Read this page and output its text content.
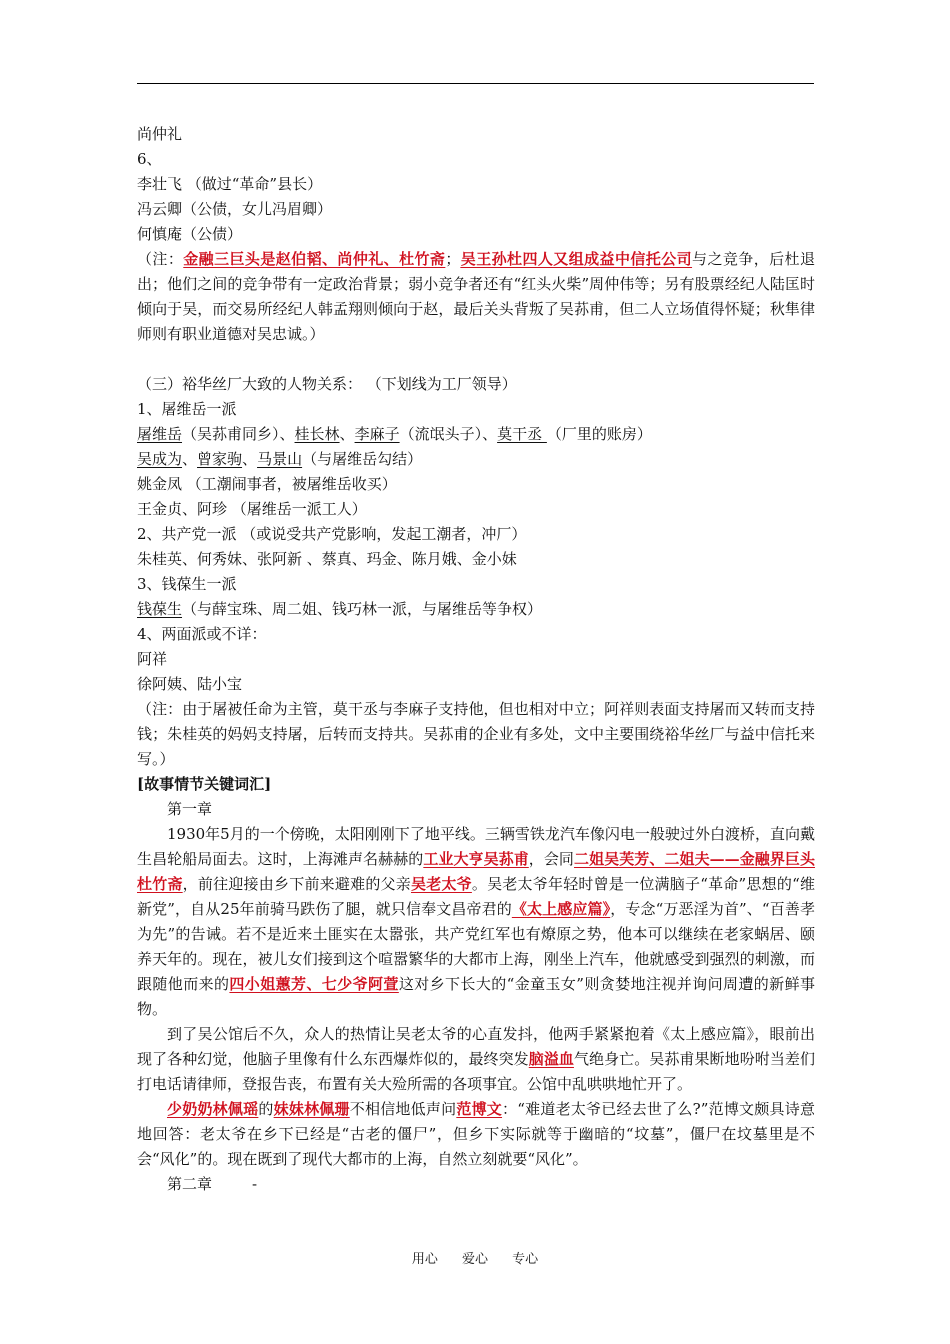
尚仲礼

6、

李壮飞 （做过“革命”县长）

冯云卿（公债，女儿冯眉卿）

何慎庵（公债）

（注：金融三巨头是赵伯韬、尚仲礼、杜竹斋；吴王孙杜四人又组成益中信托公司与之竞争，后杜退出；他们之间的竞争带有一定政治背景；弱小竞争者还有“红头火柴”周仲伟等；另有股票经纪人陆匡时倾向于吴，而交易所经纪人韩孟翔则倾向于赵，最后关头背叛了吴荪甫，但二人立场值得怀疑；秋隼律师则有职业道德对吴忠诚。）

（三）裕华丝厂大致的人物关系： （下划线为工厂领导）

1、屠维岳一派

屠维岳（吴荪甫同乡）、桂长林、李麻子（流氓头子）、莫干丞 （厂里的账房）

吴成为、曾家驹、马景山（与屠维岳勾结）

姚金凤 （工潮闹事者，被屠维岳收买）

王金贞、阿珍 （屠维岳一派工人）

2、共产党一派 （或说受共产党影响，发起工潮者，冲厂）

朱桂英、何秀妹、张阿新 、蔡真、玛金、陈月娥、金小妹

3、钱葆生一派

钱葆生（与薛宝珠、周二姐、钱巧林一派，与屠维岳等争权）

4、两面派或不详：

阿祥

徐阿姨、陆小宝

（注：由于屠被任命为主管，莫干丞与李麻子支持他，但也相对中立；阿祥则表面支持屠而又转而支持钱；朱桂英的妈妈支持屠，后转而支持共。吴荪甫的企业有多处，文中主要围绕裕华丝厂与益中信托来写。）

[故事情节关键词汇]

第一章

1930年5月的一个傍晚，太阳刚刚下了地平线。三辆雪铁龙汽车像闪电一般驶过外白渡桥，直向戴生昌轮船局面去。这时，上海滩声名赫赫的工业大亨吴荪甫，会同二姐吴芙芳、二姐夫——金融界巨头杜竹斋，前往迎接由乡下前来避难的父亲吴老太爷。吴老太爷年轻时曾是一位满脑子“革命”思想的“维新党”，自从25年前骑马跌伤了腿，就只信奉文昌帝君的《太上感应篇》，专念“万恶淫为首”、“百善孝为先”的告诫。若不是近来土匪实在太嚣张，共产党红军也有燎原之势，他本可以继续在老家蜗居、颐养天年的。现在，被儿女们接到这个喧嚣繁华的大都市上海，刚坐上汽车，他就感受到强烈的刺激，而跟随他而来的四小姐蕙芳、七少爷阿萱这对乡下长大的“金童玉女”则贪婪地注视并询问周遭的新鲜事物。

到了吴公馆后不久，众人的热情让吴老太爷的心直发抖，他两手紧紧抱着《太上感应篇》，眼前出现了各种幻觉，他脑子里像有什么东西爆炸似的，最终突发脑溢血气绝身亡。吴荪甫果断地吩咐当差们打电话请律师，登报告丧，布置有关大殓所需的各项事宜。公馆中乱哄哄地忙开了。

少奶奶林佩瑶的妹妹林佩珊不相信地低声问范博文：“难道老太爷已经去世了么?”范博文颇具诗意地回答：老太爷在乡下已经是“古老的僵尸”，但乡下实际就等于幽暗的“坟墓”，僵尸在坟墓里是不会“风化”的。现在既到了现代大都市的上海，自然立刻就要“风化”。

第二章	-

用心 爱心 专心
